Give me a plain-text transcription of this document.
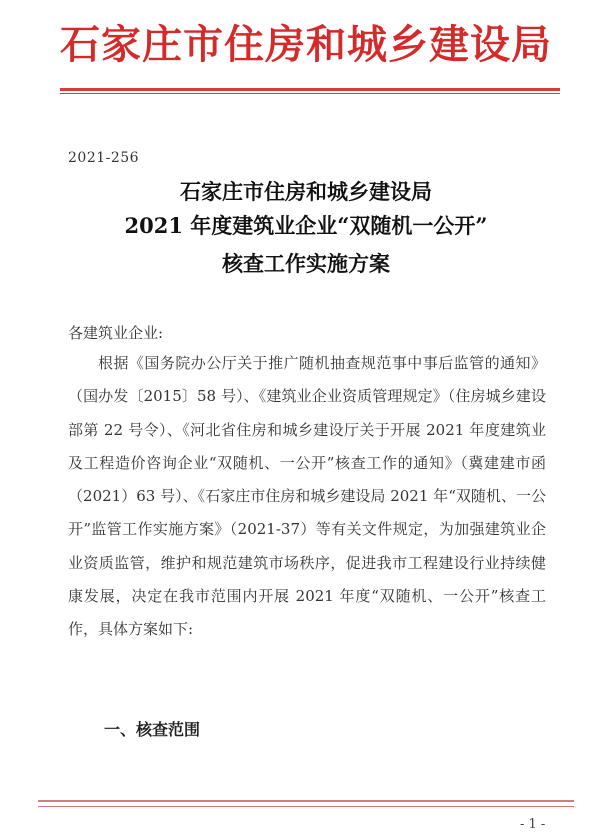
石家庄市住房和城乡建设局
2021-256
石家庄市住房和城乡建设局
2021 年度建筑业企业“双随机一公开”
核查工作实施方案
各建筑业企业:
根据《国务院办公厅关于推广随机抽查规范事中事后监管的通知》（国办发〔2015〕58 号）、《建筑业企业资质管理规定》（住房城乡建设部第 22 号令）、《河北省住房和城乡建设厅关于开展 2021 年度建筑业及工程造价咨询企业“双随机、一公开”核查工作的通知》（冀建建市函（2021）63 号）、《石家庄市住房和城乡建设局 2021 年“双随机、一公开”监管工作实施方案》（2021-37）等有关文件规定，为加强建筑业企业资质监管，维护和规范建筑市场秩序，促进我市工程建设行业持续健康发展，决定在我市范围内开展 2021 年度“双随机、一公开”核查工作，具体方案如下:
一、核查范围
- 1 -
